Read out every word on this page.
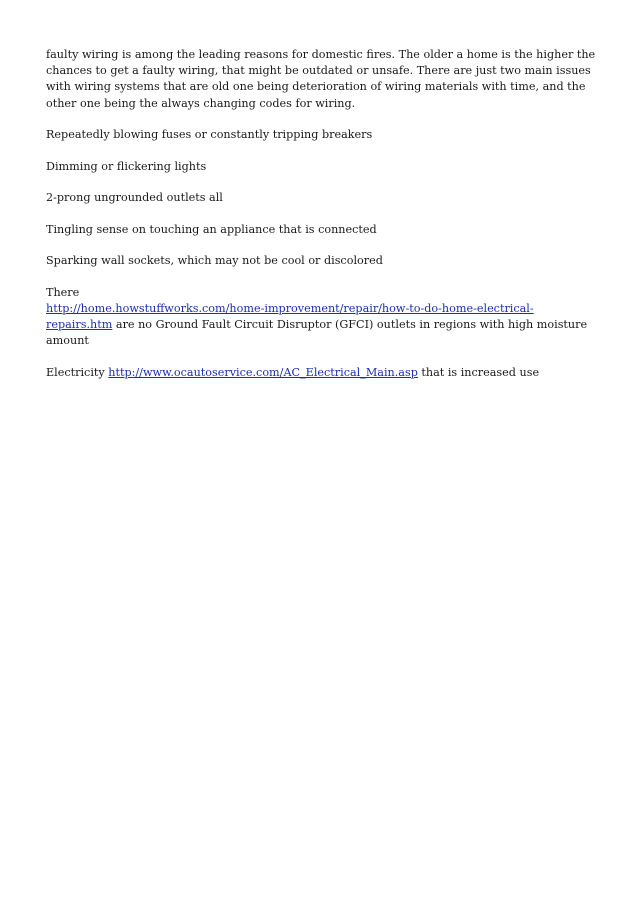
faulty wiring is among the leading reasons for domestic fires. The older a home is the higher the chances to get a faulty wiring, that might be outdated or unsafe. There are just two main issues with wiring systems that are old one being deterioration of wiring materials with time, and the other one being the always changing codes for wiring.

Repeatedly blowing fuses or constantly tripping breakers

Dimming or flickering lights

2-prong ungrounded outlets all

Tingling sense on touching an appliance that is connected

Sparking wall sockets, which may not be cool or discolored

There
http://home.howstuffworks.com/home-improvement/repair/how-to-do-home-electrical-repairs.htm are no Ground Fault Circuit Disruptor (GFCI) outlets in regions with high moisture amount

Electricity http://www.ocautoservice.com/AC_Electrical_Main.asp that is increased use
